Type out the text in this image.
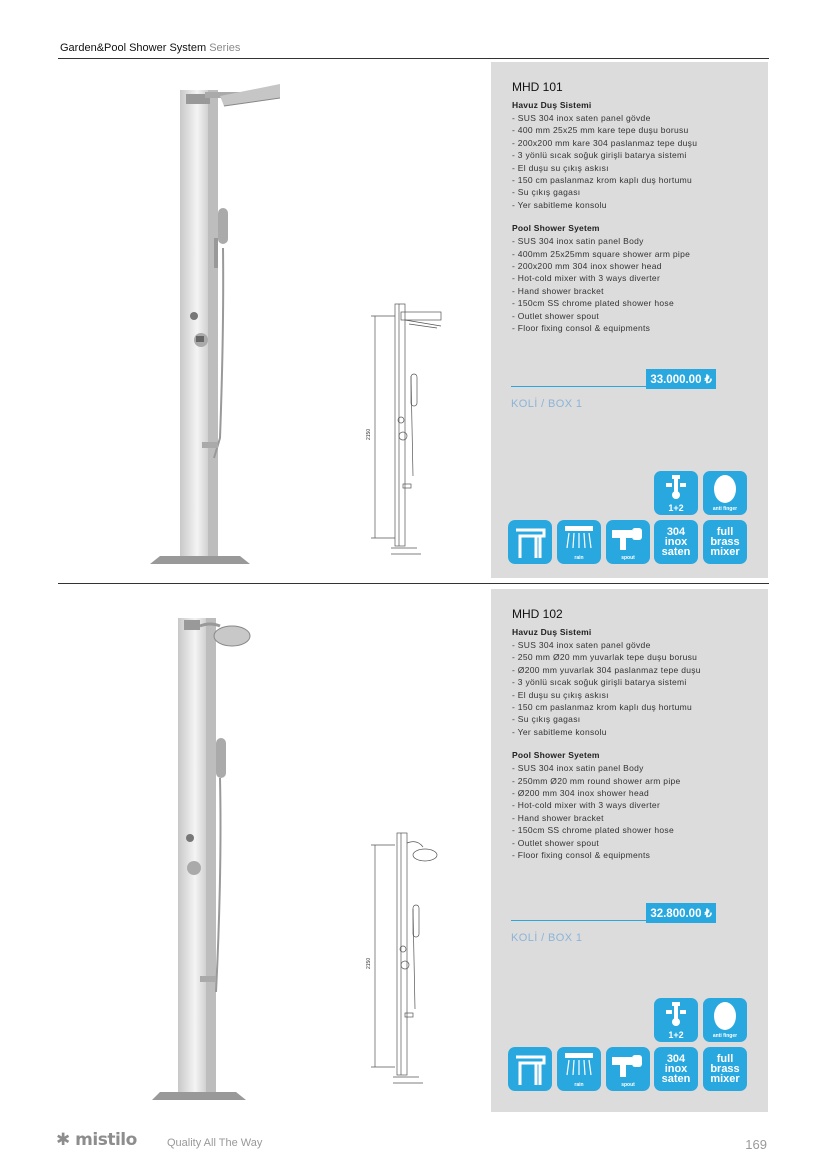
Garden&Pool Shower System Series
2150
MHD 101
Havuz Duş Sistemi
- SUS 304 inox saten panel gövde
- 400 mm 25x25 mm kare tepe duşu borusu
- 200x200 mm kare 304 paslanmaz tepe duşu
- 3 yönlü sıcak soğuk girişli batarya sistemi
- El duşu su çıkış askısı
- 150 cm paslanmaz krom kaplı duş hortumu
- Su çıkış gagası
- Yer sabitleme konsolu
Pool Shower Syetem
- SUS 304 inox satin panel Body
- 400mm 25x25mm square shower arm pipe
- 200x200 mm 304 inox shower head
- Hot-cold mixer with 3 ways diverter
- Hand shower bracket
- 150cm SS chrome plated shower hose
- Outlet shower spout
- Floor fixing consol & equipments
33.000.00 ₺
KOLİ / BOX 1
1+2	anti finger
rain	spout
304 inox saten
full brass mixer
2150
MHD 102
Havuz Duş Sistemi
- SUS 304 inox saten panel gövde
- 250 mm Ø20 mm yuvarlak tepe duşu borusu
- Ø200 mm yuvarlak 304 paslanmaz tepe duşu
- 3 yönlü sıcak soğuk girişli batarya sistemi
- El duşu su çıkış askısı
- 150 cm paslanmaz krom kaplı duş hortumu
- Su çıkış gagası
- Yer sabitleme konsolu
Pool Shower Syetem
- SUS 304 inox satin panel Body
- 250mm Ø20 mm round shower arm pipe
- Ø200 mm 304 inox shower head
- Hot-cold mixer with 3 ways diverter
- Hand shower bracket
- 150cm SS chrome plated shower hose
- Outlet shower spout
- Floor fixing consol & equipments
32.800.00 ₺
KOLİ / BOX 1
1+2	anti finger
rain	spout
304 inox saten
full brass mixer
✱ mistilo	Quality All The Way	169
